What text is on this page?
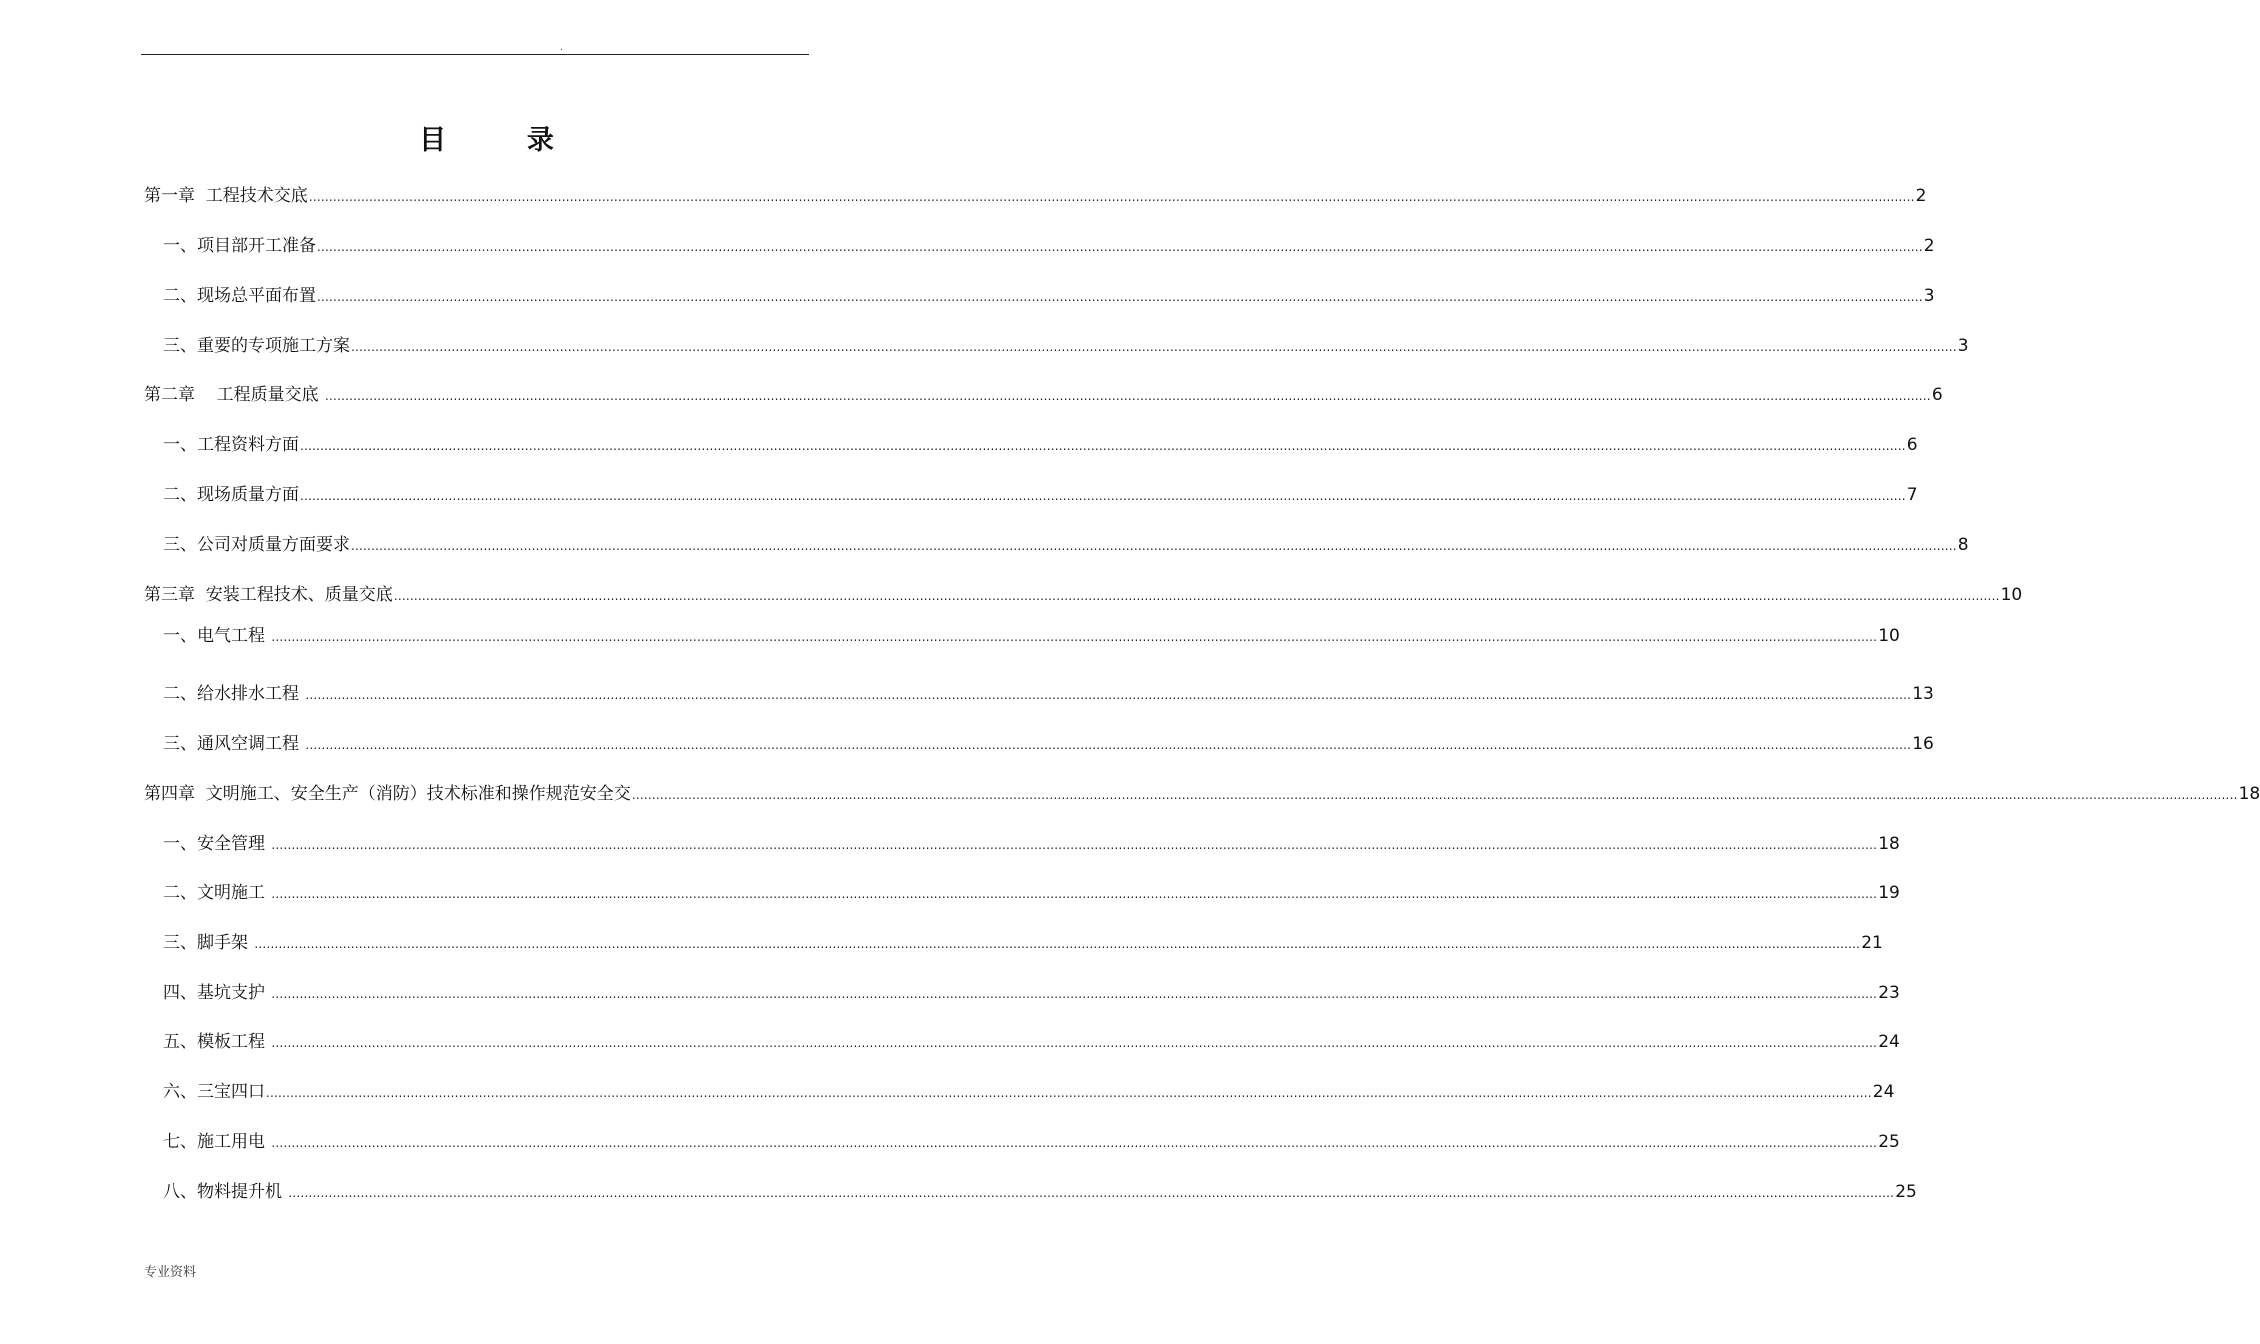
.
目	录
第一章  工程技术交底 ................................................................................................................................................................................................................................................................................................................................................................................................................ 2
一、项目部开工准备 ................................................................................................................................................................................................................................................................................................................................................................................................................ 2
二、现场总平面布置 ................................................................................................................................................................................................................................................................................................................................................................................................................ 3
三、重要的专项施工方案 ................................................................................................................................................................................................................................................................................................................................................................................................................ 3
第二章    工程质量交底 ................................................................................................................................................................................................................................................................................................................................................................................................................ 6
一、工程资料方面 ................................................................................................................................................................................................................................................................................................................................................................................................................ 6
二、现场质量方面 ................................................................................................................................................................................................................................................................................................................................................................................................................ 7
三、公司对质量方面要求 ................................................................................................................................................................................................................................................................................................................................................................................................................ 8
第三章  安装工程技术、质量交底 ................................................................................................................................................................................................................................................................................................................................................................................................................ 10
一、电气工程 ................................................................................................................................................................................................................................................................................................................................................................................................................ 10
二、给水排水工程 ................................................................................................................................................................................................................................................................................................................................................................................................................ 13
三、通风空调工程 ................................................................................................................................................................................................................................................................................................................................................................................................................ 16
第四章  文明施工、安全生产（消防）技术标准和操作规范安全交 ................................................................................................................................................................................................................................................................................................................................................................................................................ 18
一、安全管理 ................................................................................................................................................................................................................................................................................................................................................................................................................ 18
二、文明施工 ................................................................................................................................................................................................................................................................................................................................................................................................................ 19
三、脚手架 ................................................................................................................................................................................................................................................................................................................................................................................................................ 21
四、基坑支护 ................................................................................................................................................................................................................................................................................................................................................................................................................ 23
五、模板工程 ................................................................................................................................................................................................................................................................................................................................................................................................................ 24
六、三宝四口 ................................................................................................................................................................................................................................................................................................................................................................................................................ 24
七、施工用电 ................................................................................................................................................................................................................................................................................................................................................................................................................ 25
八、物料提升机 ................................................................................................................................................................................................................................................................................................................................................................................................................ 25
专业资料
